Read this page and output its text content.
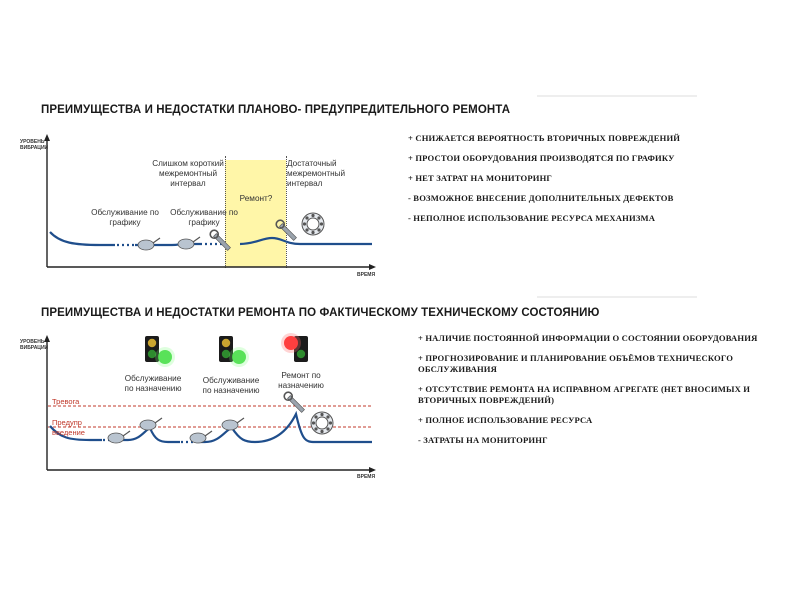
ПРЕИМУЩЕСТВА И НЕДОСТАТКИ ПЛАНОВО- ПРЕДУПРЕДИТЕЛЬНОГО РЕМОНТА
УРОВЕНЬ ВИБРАЦИИ
ВРЕМЯ
Слишком короткий межремонтный интервал
Достаточный межремонтный интервал
Ремонт?
Обслуживание по графику
Обслуживание по графику
+ СНИЖАЕТСЯ ВЕРОЯТНОСТЬ ВТОРИЧНЫХ ПОВРЕЖДЕНИЙ
+ ПРОСТОИ ОБОРУДОВАНИЯ ПРОИЗВОДЯТСЯ ПО ГРАФИКУ
+ НЕТ ЗАТРАТ НА МОНИТОРИНГ
- ВОЗМОЖНОЕ ВНЕСЕНИЕ ДОПОЛНИТЕЛЬНЫХ ДЕФЕКТОВ
- НЕПОЛНОЕ ИСПОЛЬЗОВАНИЕ РЕСУРСА МЕХАНИЗМА
ПРЕИМУЩЕСТВА И НЕДОСТАТКИ РЕМОНТА ПО ФАКТИЧЕСКОМУ ТЕХНИЧЕСКОМУ СОСТОЯНИЮ
УРОВЕНЬ ВИБРАЦИИ
ВРЕМЯ
Тревога
Предупр
введение
Обслуживание по назначению
Обслуживание по назначению
Ремонт по назначению
+ НАЛИЧИЕ ПОСТОЯННОЙ ИНФОРМАЦИИ О СОСТОЯНИИ ОБОРУДОВАНИЯ
+ ПРОГНОЗИРОВАНИЕ И ПЛАНИРОВАНИЕ ОБЪЁМОВ ТЕХНИЧЕСКОГО ОБСЛУЖИВАНИЯ
+ ОТСУТСТВИЕ РЕМОНТА НА ИСПРАВНОМ АГРЕГАТЕ (НЕТ ВНОСИМЫХ И ВТОРИЧНЫХ ПОВРЕЖДЕНИЙ)
+ ПОЛНОЕ ИСПОЛЬЗОВАНИЕ РЕСУРСА
- ЗАТРАТЫ НА МОНИТОРИНГ
